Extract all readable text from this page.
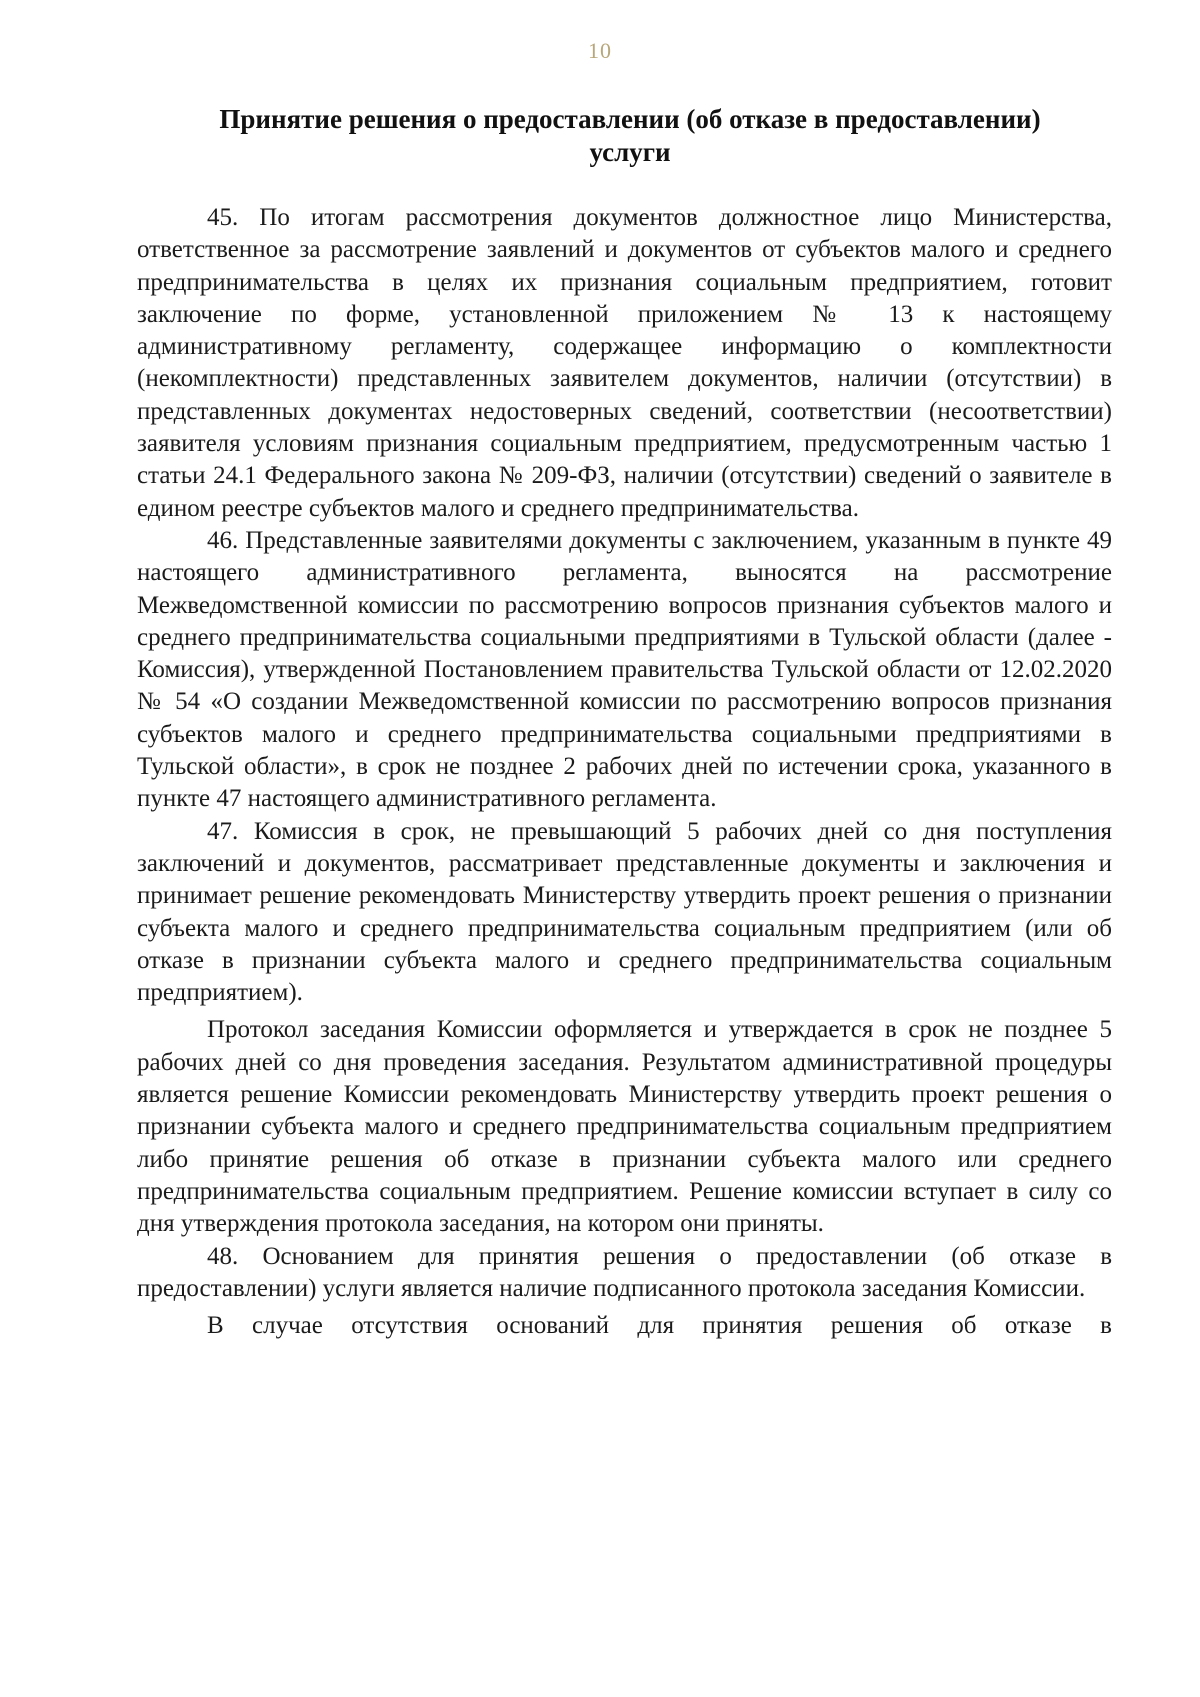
10
Принятие решения о предоставлении (об отказе в предоставлении)
услуги

45. По итогам рассмотрения документов должностное лицо Министерства, ответственное за рассмотрение заявлений и документов от субъектов малого и среднего предпринимательства в целях их признания социальным предприятием, готовит заключение по форме, установленной приложением № 13 к настоящему административному регламенту, содержащее информацию о комплектности (некомплектности) представленных заявителем документов, наличии (отсутствии) в представленных документах недостоверных сведений, соответствии (несоответствии) заявителя условиям признания социальным предприятием, предусмотренным частью 1 статьи 24.1 Федерального закона № 209-ФЗ, наличии (отсутствии) сведений о заявителе в едином реестре субъектов малого и среднего предпринимательства.

46. Представленные заявителями документы с заключением, указанным в пункте 49 настоящего административного регламента, выносятся на рассмотрение Межведомственной комиссии по рассмотрению вопросов признания субъектов малого и среднего предпринимательства социальными предприятиями в Тульской области (далее - Комиссия), утвержденной Постановлением правительства Тульской области от 12.02.2020 № 54 «О создании Межведомственной комиссии по рассмотрению вопросов признания субъектов малого и среднего предпринимательства социальными предприятиями в Тульской области», в срок не позднее 2 рабочих дней по истечении срока, указанного в пункте 47 настоящего административного регламента.

47. Комиссия в срок, не превышающий 5 рабочих дней со дня поступления заключений и документов, рассматривает представленные документы и заключения и принимает решение рекомендовать Министерству утвердить проект решения о признании субъекта малого и среднего предпринимательства социальным предприятием (или об отказе в признании субъекта малого и среднего предпринимательства социальным предприятием).

Протокол заседания Комиссии оформляется и утверждается в срок не позднее 5 рабочих дней со дня проведения заседания. Результатом административной процедуры является решение Комиссии рекомендовать Министерству утвердить проект решения о признании субъекта малого и среднего предпринимательства социальным предприятием либо принятие решения об отказе в признании субъекта малого или среднего предпринимательства социальным предприятием. Решение комиссии вступает в силу со дня утверждения протокола заседания, на котором они приняты.

48. Основанием для принятия решения о предоставлении (об отказе в предоставлении) услуги является наличие подписанного протокола заседания Комиссии.

В случае отсутствия оснований для принятия решения об отказе в
